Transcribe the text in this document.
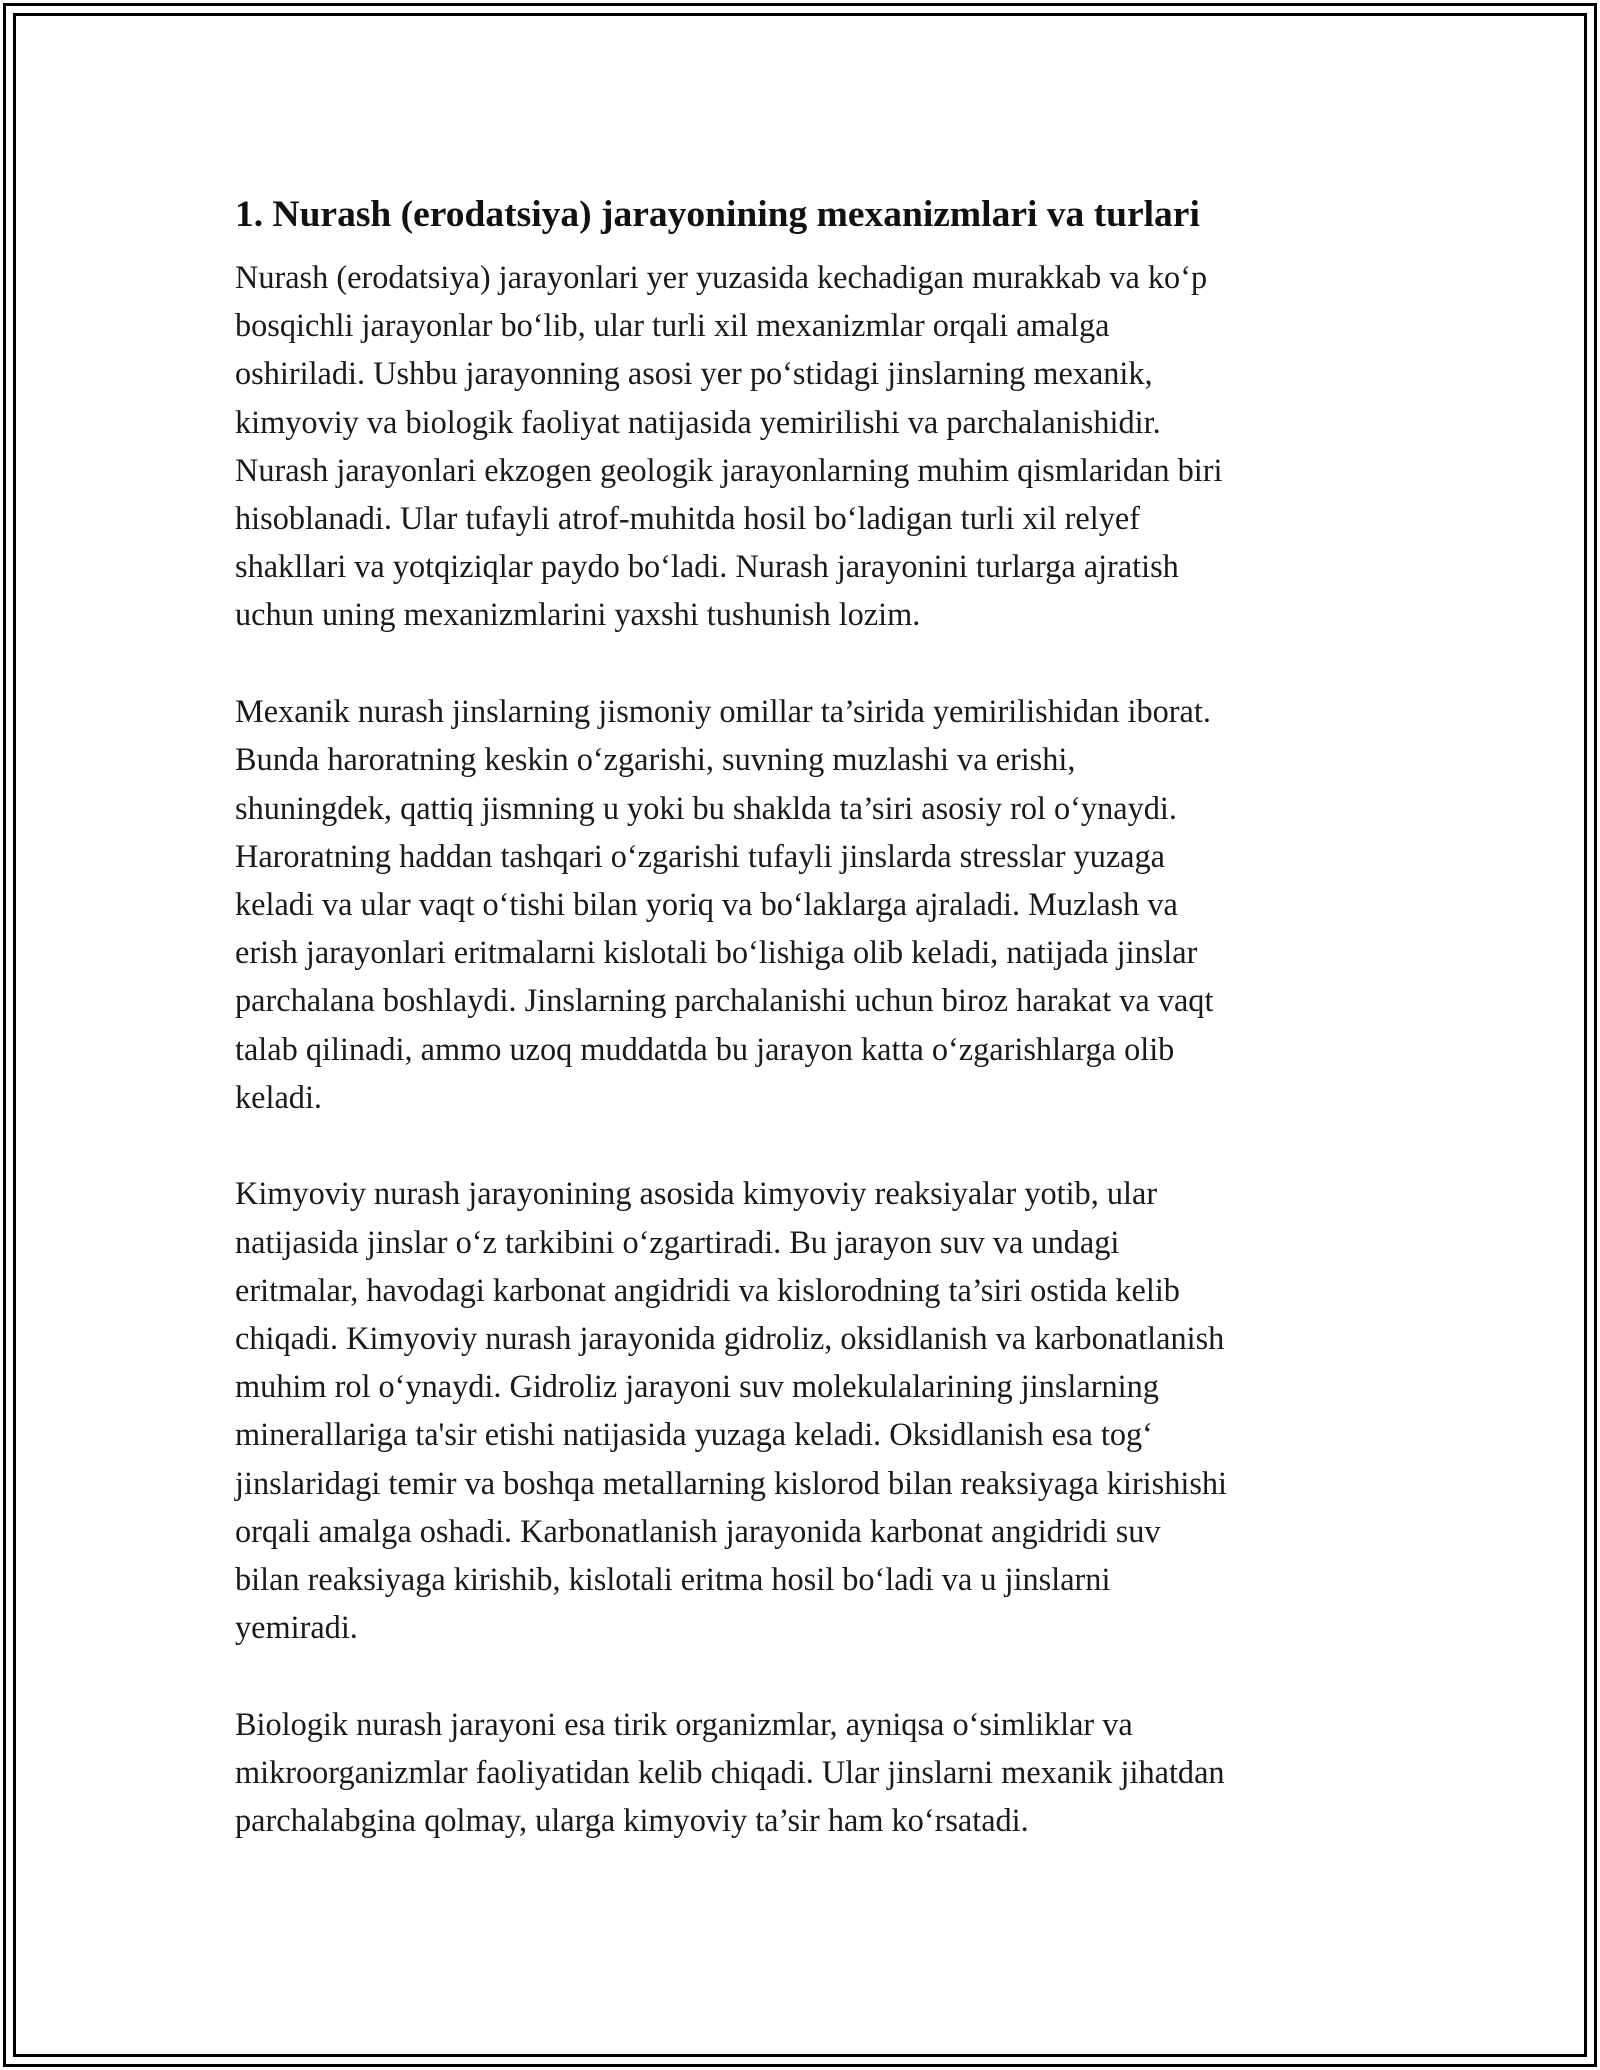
1. Nurash (erodatsiya) jarayonining mexanizmlari va turlari

Nurash (erodatsiya) jarayonlari yer yuzasida kechadigan murakkab va ko‘p
bosqichli jarayonlar bo‘lib, ular turli xil mexanizmlar orqali amalga
oshiriladi. Ushbu jarayonning asosi yer po‘stidagi jinslarning mexanik,
kimyoviy va biologik faoliyat natijasida yemirilishi va parchalanishidir.
Nurash jarayonlari ekzogen geologik jarayonlarning muhim qismlaridan biri
hisoblanadi. Ular tufayli atrof-muhitda hosil bo‘ladigan turli xil relyef
shakllari va yotqiziqlar paydo bo‘ladi. Nurash jarayonini turlarga ajratish
uchun uning mexanizmlarini yaxshi tushunish lozim.

Mexanik nurash jinslarning jismoniy omillar ta’sirida yemirilishidan iborat.
Bunda haroratning keskin o‘zgarishi, suvning muzlashi va erishi,
shuningdek, qattiq jismning u yoki bu shaklda ta’siri asosiy rol o‘ynaydi.
Haroratning haddan tashqari o‘zgarishi tufayli jinslarda stresslar yuzaga
keladi va ular vaqt o‘tishi bilan yoriq va bo‘laklarga ajraladi. Muzlash va
erish jarayonlari eritmalarni kislotali bo‘lishiga olib keladi, natijada jinslar
parchalana boshlaydi. Jinslarning parchalanishi uchun biroz harakat va vaqt
talab qilinadi, ammo uzoq muddatda bu jarayon katta o‘zgarishlarga olib
keladi.

Kimyoviy nurash jarayonining asosida kimyoviy reaksiyalar yotib, ular
natijasida jinslar o‘z tarkibini o‘zgartiradi. Bu jarayon suv va undagi
eritmalar, havodagi karbonat angidridi va kislorodning ta’siri ostida kelib
chiqadi. Kimyoviy nurash jarayonida gidroliz, oksidlanish va karbonatlanish
muhim rol o‘ynaydi. Gidroliz jarayoni suv molekulalarining jinslarning
minerallariga ta'sir etishi natijasida yuzaga keladi. Oksidlanish esa tog‘
jinslaridagi temir va boshqa metallarning kislorod bilan reaksiyaga kirishishi
orqali amalga oshadi. Karbonatlanish jarayonida karbonat angidridi suv
bilan reaksiyaga kirishib, kislotali eritma hosil bo‘ladi va u jinslarni
yemiradi.

Biologik nurash jarayoni esa tirik organizmlar, ayniqsa o‘simliklar va
mikroorganizmlar faoliyatidan kelib chiqadi. Ular jinslarni mexanik jihatdan
parchalabgina qolmay, ularga kimyoviy ta’sir ham ko‘rsatadi.
